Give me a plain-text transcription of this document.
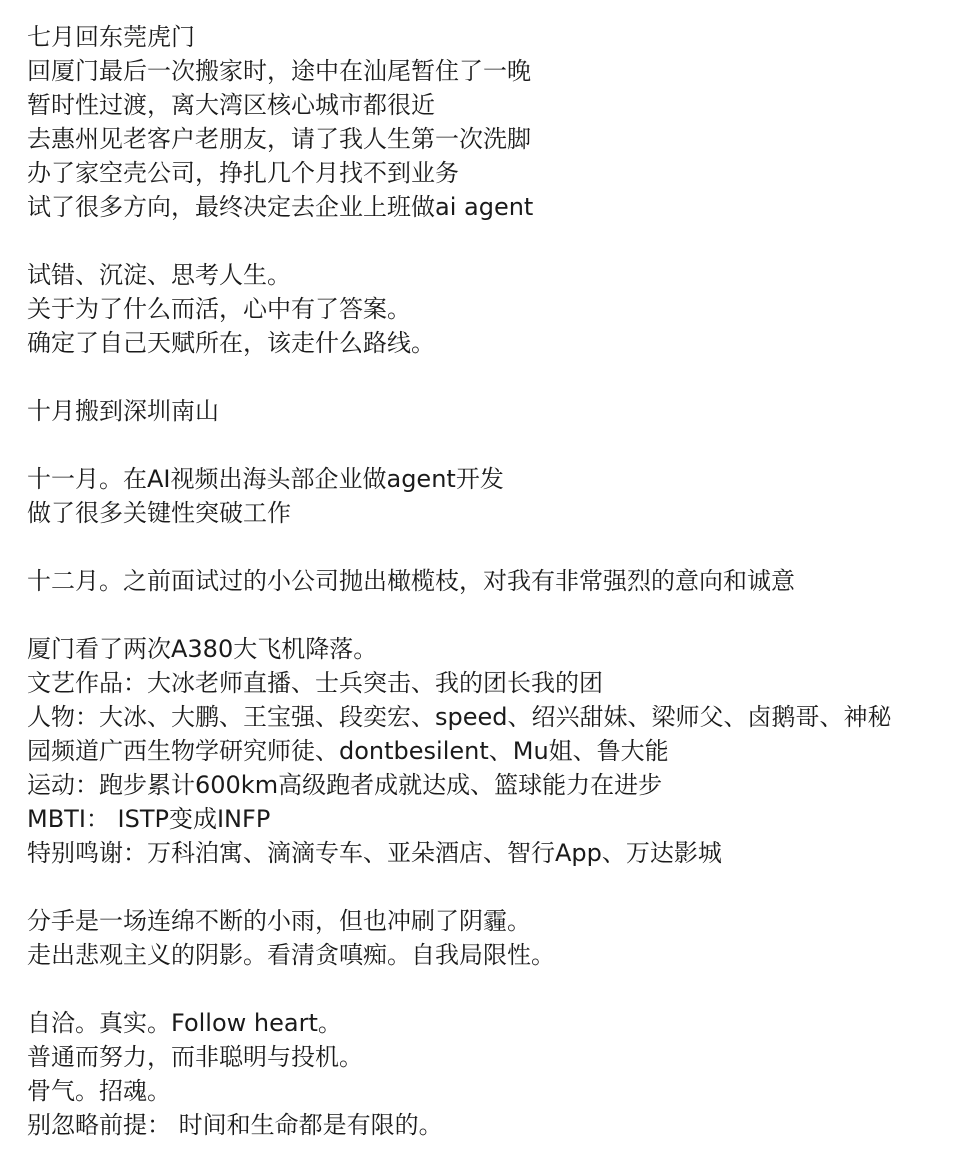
七月回东莞虎门
回厦门最后一次搬家时，途中在汕尾暂住了一晚
暂时性过渡，离大湾区核心城市都很近
去惠州见老客户老朋友，请了我人生第一次洗脚
办了家空壳公司，挣扎几个月找不到业务
试了很多方向，最终决定去企业上班做ai agent
试错、沉淀、思考人生。
关于为了什么而活，心中有了答案。
确定了自己天赋所在，该走什么路线。
十月搬到深圳南山
十一月。在AI视频出海头部企业做agent开发
做了很多关键性突破工作
十二月。之前面试过的小公司抛出橄榄枝，对我有非常强烈的意向和诚意
厦门看了两次A380大飞机降落。
文艺作品：大冰老师直播、士兵突击、我的团长我的团
人物：大冰、大鹏、王宝强、段奕宏、speed、绍兴甜妹、梁师父、卤鹅哥、神秘
园频道广西生物学研究师徒、dontbesilent、Mu姐、鲁大能
运动：跑步累计600km高级跑者成就达成、篮球能力在进步
MBTI： ISTP变成INFP
特别鸣谢：万科泊寓、滴滴专车、亚朵酒店、智行App、万达影城
分手是一场连绵不断的小雨，但也冲刷了阴霾。
走出悲观主义的阴影。看清贪嗔痴。自我局限性。
自洽。真实。Follow heart。
普通而努力，而非聪明与投机。
骨气。招魂。
别忽略前提： 时间和生命都是有限的。
